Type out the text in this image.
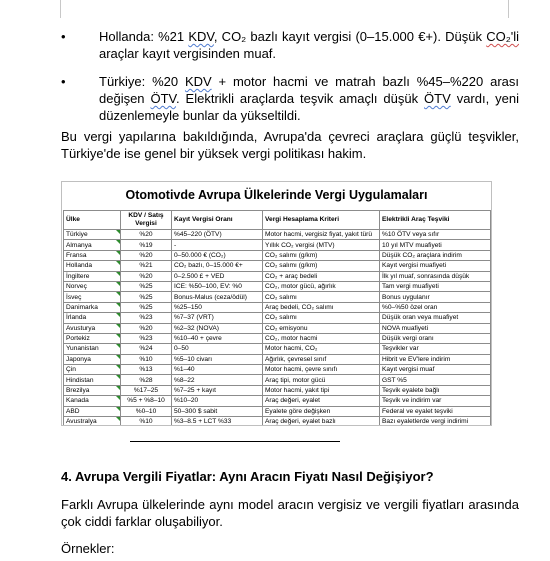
•	Hollanda: %21 KDV, CO₂ bazlı kayıt vergisi (0–15.000 €+). Düşük CO₂'li araçlar kayıt vergisinden muaf.
•	Türkiye: %20 KDV + motor hacmi ve matrah bazlı %45–%220 arası değişen ÖTV. Elektrikli araçlarda teşvik amaçlı düşük ÖTV vardı, yeni düzenlemeyle bunlar da yükseltildi.
Bu vergi yapılarına bakıldığında, Avrupa'da çevreci araçlara güçlü teşvikler, Türkiye'de ise genel bir yüksek vergi politikası hakim.
Otomotivde Avrupa Ülkelerinde Vergi Uygulamaları
Ülke	KDV / Satış Vergisi	Kayıt Vergisi Oranı	Vergi Hesaplama Kriteri	Elektrikli Araç Teşviki
Türkiye	%20	%45–220 (ÖTV)	Motor hacmi, vergisiz fiyat, yakıt türü	%10 ÖTV veya sıfır
Almanya	%19	-	Yıllık CO₂ vergisi (MTV)	10 yıl MTV muafiyeti
Fransa	%20	0–50.000 € (CO₂)	CO₂ salımı (g/km)	Düşük CO₂ araçlara indirim
Hollanda	%21	CO₂ bazlı, 0–15.000 €+	CO₂ salımı (g/km)	Kayıt vergisi muafiyeti
İngiltere	%20	0–2.500 £ + VED	CO₂ + araç bedeli	İlk yıl muaf, sonrasında düşük
Norveç	%25	ICE: %50–100, EV: %0	CO₂, motor gücü, ağırlık	Tam vergi muafiyeti
İsveç	%25	Bonus-Malus (ceza/ödül)	CO₂ salımı	Bonus uygulanır
Danimarka	%25	%25–150	Araç bedeli, CO₂ salımı	%0–%50 özel oran
İrlanda	%23	%7–37 (VRT)	CO₂ salımı	Düşük oran veya muafiyet
Avusturya	%20	%2–32 (NOVA)	CO₂ emisyonu	NOVA muafiyeti
Portekiz	%23	%10–40 + çevre	CO₂, motor hacmi	Düşük vergi oranı
Yunanistan	%24	0–50	Motor hacmi, CO₂	Teşvikler var
Japonya	%10	%5–10 civarı	Ağırlık, çevresel sınıf	Hibrit ve EV'lere indirim
Çin	%13	%1–40	Motor hacmi, çevre sınıfı	Kayıt vergisi muaf
Hindistan	%28	%8–22	Araç tipi, motor gücü	GST %5
Brezilya	%17–25	%7–25 + kayıt	Motor hacmi, yakıt tipi	Teşvik eyalete bağlı
Kanada	%5 + %8–10	%10–20	Araç değeri, eyalet	Teşvik ve indirim var
ABD	%0–10	50–300 $ sabit	Eyalete göre değişken	Federal ve eyalet teşviki
Avustralya	%10	%3–8.5 + LCT %33	Araç değeri, eyalet bazlı	Bazı eyaletlerde vergi indirimi
4. Avrupa Vergili Fiyatlar: Aynı Aracın Fiyatı Nasıl Değişiyor?
Farklı Avrupa ülkelerinde aynı model aracın vergisiz ve vergili fiyatları arasında çok ciddi farklar oluşabiliyor.
Örnekler:
